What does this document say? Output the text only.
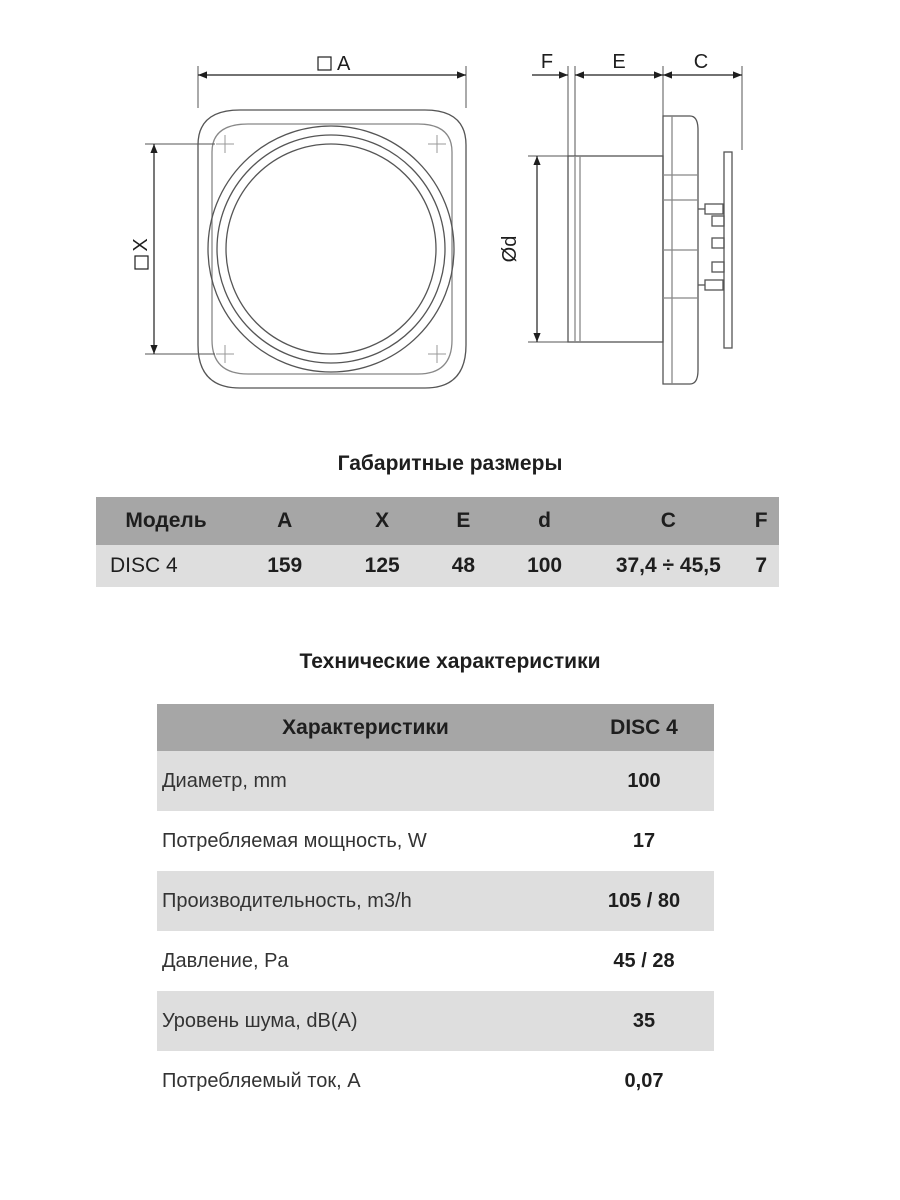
A
X
F	E	C
Ød
Габаритные размеры
Модель	A	X	E	d	C	F
DISC 4	159	125	48	100	37,4 ÷ 45,5	7
Технические характеристики
Характеристики	DISC 4
Диаметр, mm	100
Потребляемая мощность, W	17
Производительность, m3/h	105 / 80
Давление, Pa	45 / 28
Уровень шума, dB(A)	35
Потребляемый ток, A	0,07
